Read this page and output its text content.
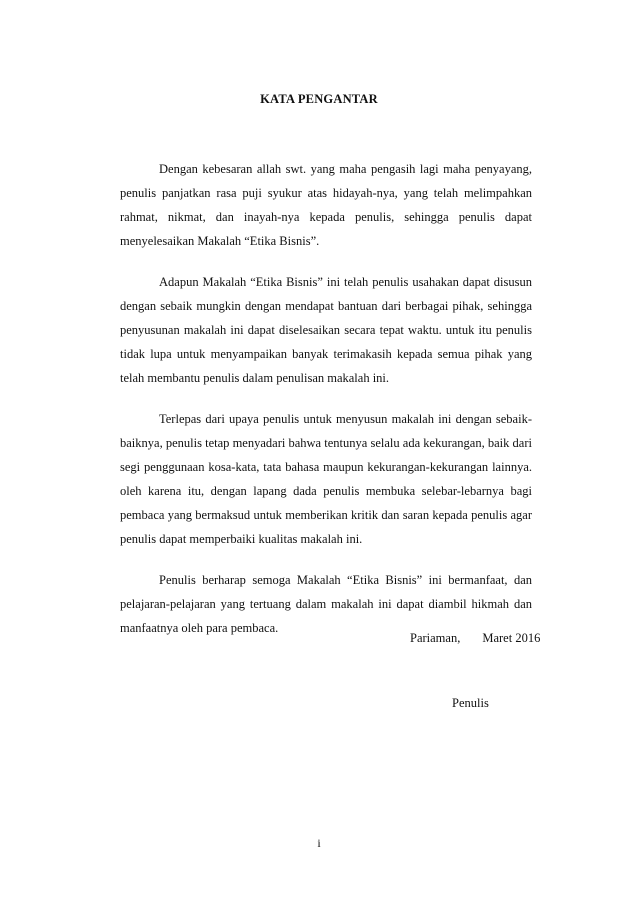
KATA PENGANTAR

Dengan kebesaran allah swt. yang maha pengasih lagi maha penyayang, penulis panjatkan rasa puji syukur atas hidayah-nya, yang telah melimpahkan rahmat, nikmat, dan inayah-nya kepada penulis, sehingga penulis dapat menyelesaikan Makalah “Etika Bisnis”.

Adapun Makalah “Etika Bisnis” ini telah penulis usahakan dapat disusun dengan sebaik mungkin dengan mendapat bantuan dari berbagai pihak, sehingga penyusunan makalah ini dapat diselesaikan secara tepat waktu. untuk itu penulis tidak lupa untuk menyampaikan banyak terimakasih kepada semua pihak yang telah membantu penulis dalam penulisan makalah ini.

Terlepas dari upaya penulis untuk menyusun makalah ini dengan sebaik-baiknya, penulis tetap menyadari bahwa tentunya selalu ada kekurangan, baik dari segi penggunaan kosa-kata, tata bahasa maupun kekurangan-kekurangan lainnya. oleh karena itu, dengan lapang dada penulis membuka selebar-lebarnya bagi pembaca yang bermaksud untuk memberikan kritik dan saran kepada penulis agar penulis dapat memperbaiki kualitas makalah ini.

Penulis berharap semoga Makalah “Etika Bisnis” ini bermanfaat, dan pelajaran-pelajaran yang tertuang dalam makalah ini dapat diambil hikmah dan manfaatnya oleh para pembaca.

Pariaman, Maret 2016
Penulis
i
